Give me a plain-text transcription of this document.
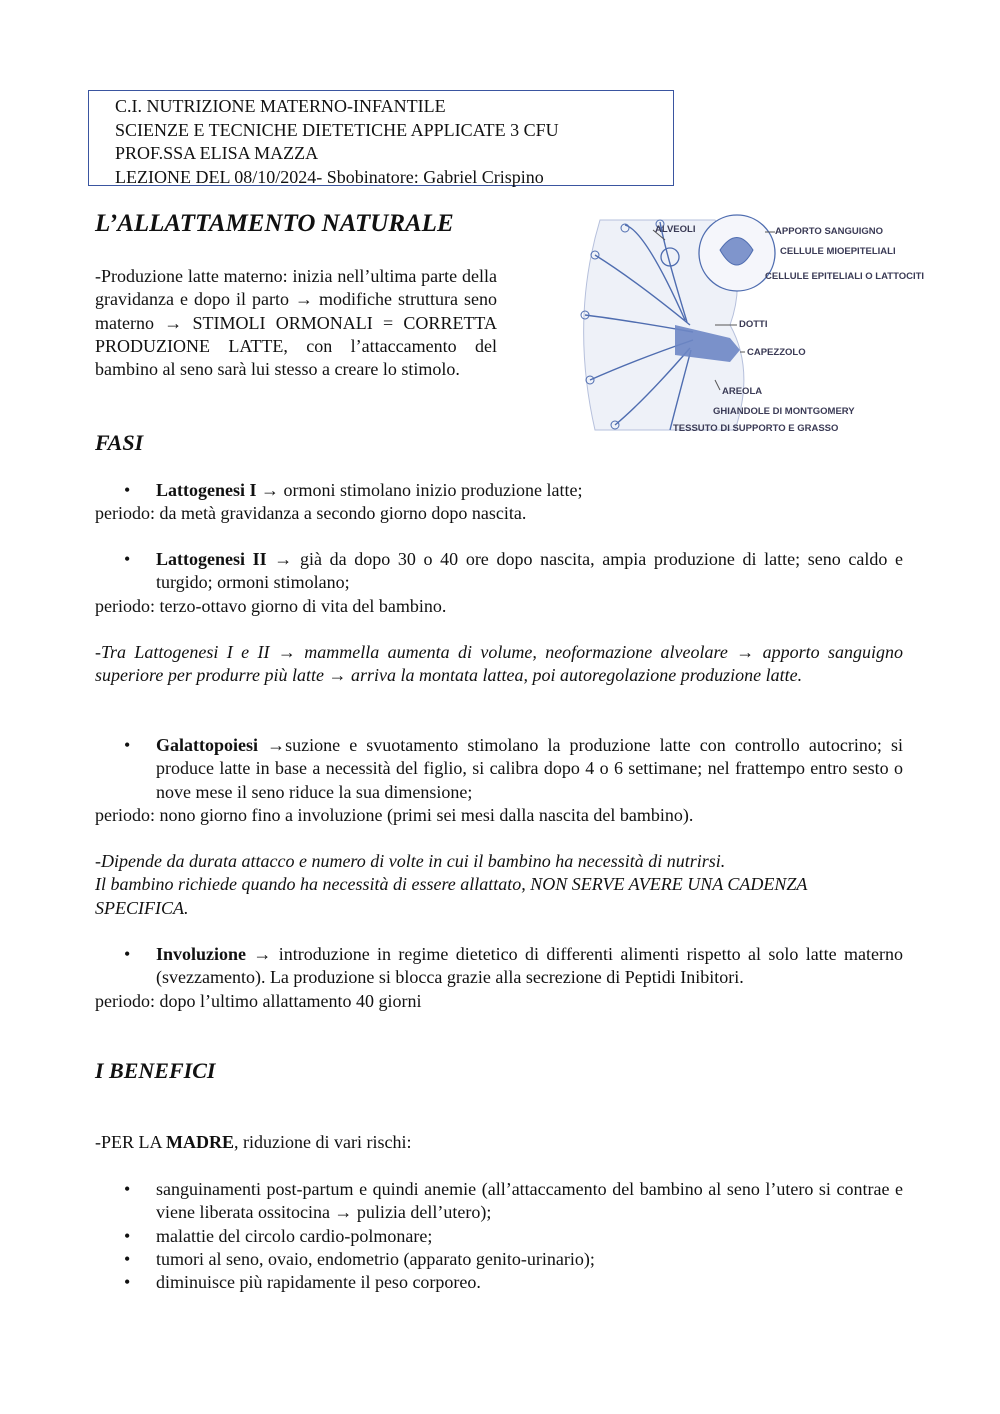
C.I. NUTRIZIONE MATERNO-INFANTILE
SCIENZE E TECNICHE DIETETICHE APPLICATE 3 CFU
PROF.SSA ELISA MAZZA
LEZIONE DEL 08/10/2024- Sbobinatore: Gabriel Crispino
L’ALLATTAMENTO NATURALE

-Produzione latte materno: inizia nell’ultima parte della gravidanza e dopo il parto → modifiche struttura seno materno → STIMOLI ORMONALI = CORRETTA PRODUZIONE LATTE, con l’attaccamento del bambino al seno sarà lui stesso a creare lo stimolo.

ALVEOLI	APPORTO SANGUIGNO
CELLULE MIOEPITELIALI
CELLULE EPITELIALI O LATTOCITI
DOTTI
CAPEZZOLO
AREOLA
GHIANDOLE DI MONTGOMERY
TESSUTO DI SUPPORTO E GRASSO
FASI
• Lattogenesi I → ormoni stimolano inizio produzione latte;
periodo: da metà gravidanza a secondo giorno dopo nascita.
• Lattogenesi II → già da dopo 30 o 40 ore dopo nascita, ampia produzione di latte; seno caldo e turgido; ormoni stimolano;
periodo: terzo-ottavo giorno di vita del bambino.

-Tra Lattogenesi I e II → mammella aumenta di volume, neoformazione alveolare → apporto sanguigno superiore per produrre più latte → arriva la montata lattea, poi autoregolazione produzione latte.

• Galattopoiesi →suzione e svuotamento stimolano la produzione latte con controllo autocrino; si produce latte in base a necessità del figlio, si calibra dopo 4 o 6 settimane; nel frattempo entro sesto o nove mese il seno riduce la sua dimensione;
periodo: nono giorno fino a involuzione (primi sei mesi dalla nascita del bambino).
-Dipende da durata attacco e numero di volte in cui il bambino ha necessità di nutrirsi.
Il bambino richiede quando ha necessità di essere allattato, NON SERVE AVERE UNA CADENZA SPECIFICA.
• Involuzione → introduzione in regime dietetico di differenti alimenti rispetto al solo latte materno (svezzamento). La produzione si blocca grazie alla secrezione di Peptidi Inibitori.
periodo: dopo l’ultimo allattamento 40 giorni
I BENEFICI
-PER LA MADRE, riduzione di vari rischi:
• sanguinamenti post-partum e quindi anemie (all’attaccamento del bambino al seno l’utero si contrae e viene liberata ossitocina → pulizia dell’utero);
• malattie del circolo cardio-polmonare;
• tumori al seno, ovaio, endometrio (apparato genito-urinario);
• diminuisce più rapidamente il peso corporeo.
